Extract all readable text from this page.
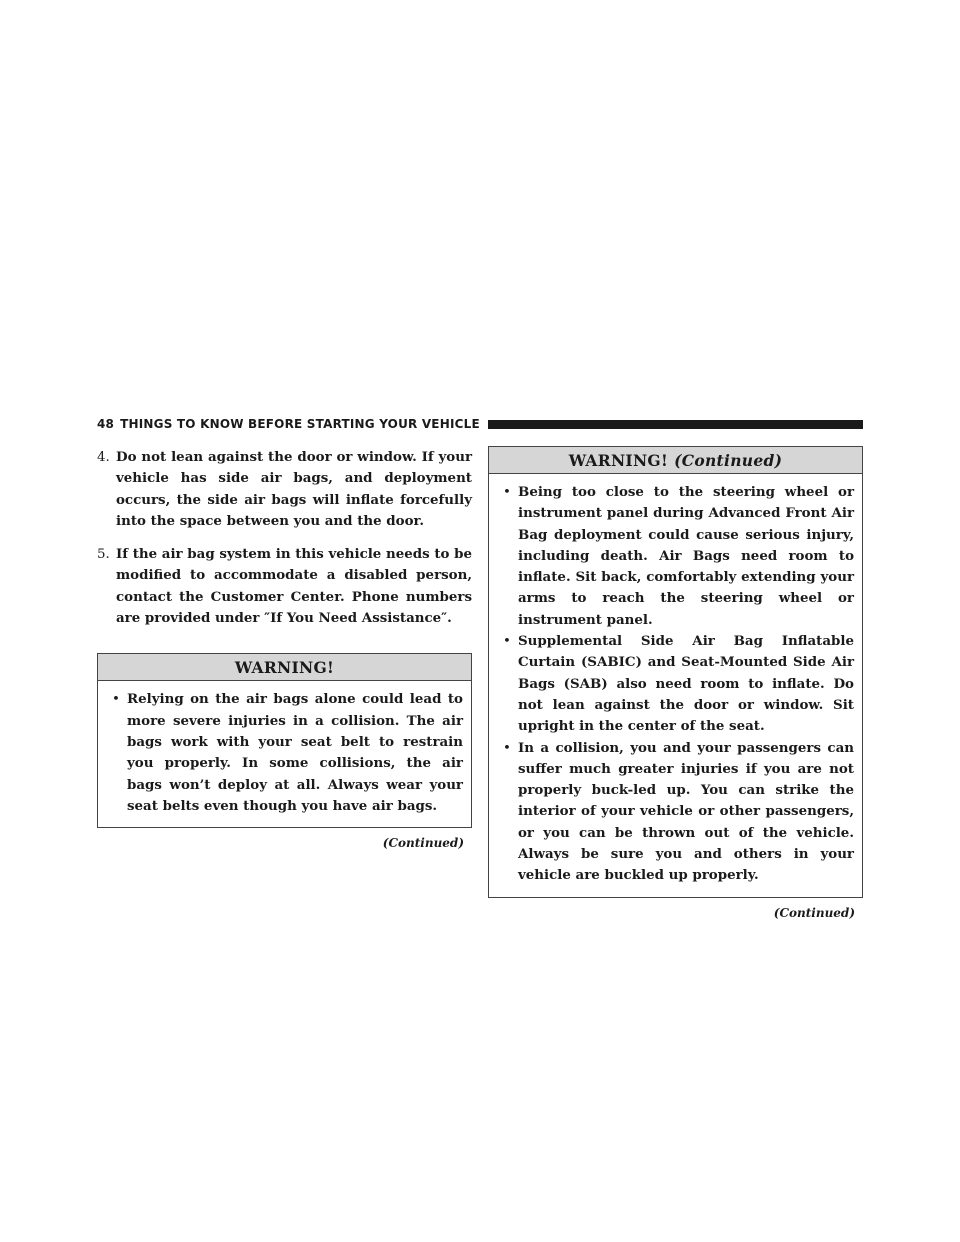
48 THINGS TO KNOW BEFORE STARTING YOUR VEHICLE
4. Do not lean against the door or window. If your vehicle has side air bags, and deployment occurs, the side air bags will inflate forcefully into the space between you and the door.
5. If the air bag system in this vehicle needs to be modified to accommodate a disabled person, contact the Customer Center. Phone numbers are provided under ″If You Need Assistance″.
WARNING!
• Relying on the air bags alone could lead to more severe injuries in a collision. The air bags work with your seat belt to restrain you properly. In some collisions, the air bags won’t deploy at all. Always wear your seat belts even though you have air bags.
(Continued)
WARNING! (Continued)
• Being too close to the steering wheel or instrument panel during Advanced Front Air Bag deployment could cause serious injury, including death. Air Bags need room to inflate. Sit back, comfortably extending your arms to reach the steering wheel or instrument panel.
• Supplemental Side Air Bag Inflatable Curtain (SABIC) and Seat-Mounted Side Air Bags (SAB) also need room to inflate. Do not lean against the door or window. Sit upright in the center of the seat.
• In a collision, you and your passengers can suffer much greater injuries if you are not properly buck-led up. You can strike the interior of your vehicle or other passengers, or you can be thrown out of the vehicle. Always be sure you and others in your vehicle are buckled up properly.
(Continued)
